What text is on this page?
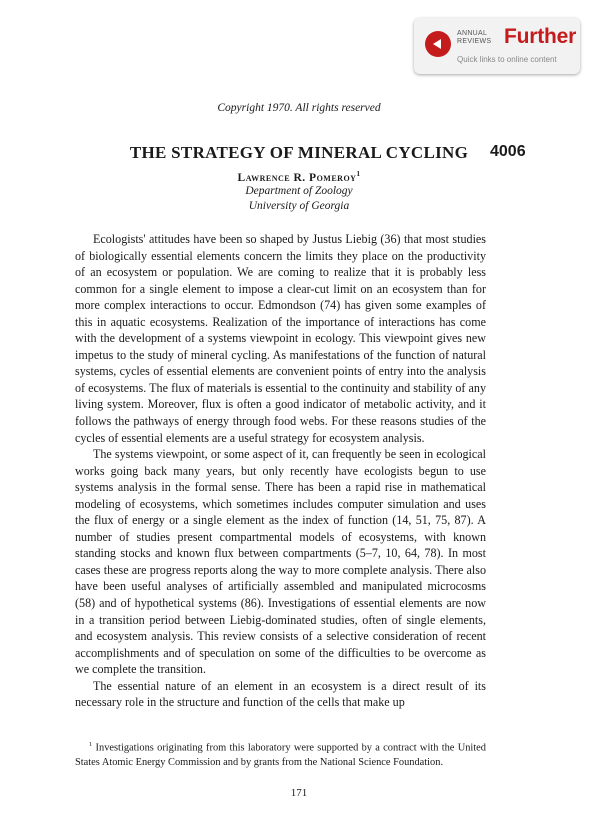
ANNUAL
REVIEWS Further
Quick links to online content
Copyright 1970. All rights reserved
THE STRATEGY OF MINERAL CYCLING	4006
Lawrence R. Pomeroy$^1$
Department of Zoology
University of Georgia

Ecologists' attitudes have been so shaped by Justus Liebig (36) that most studies of biologically essential elements concern the limits they place on the productivity of an ecosystem or population. We are coming to realize that it is probably less common for a single element to impose a clear-cut limit on an ecosystem than for more complex interactions to occur. Edmondson (74) has given some examples of this in aquatic ecosystems. Realization of the importance of interactions has come with the development of a systems viewpoint in ecology. This viewpoint gives new impetus to the study of mineral cycling. As manifestations of the function of natural systems, cycles of essential elements are convenient points of entry into the analysis of ecosystems. The flux of materials is essential to the continuity and stability of any living system. Moreover, flux is often a good indicator of metabolic activity, and it follows the pathways of energy through food webs. For these reasons studies of the cycles of essential elements are a useful strategy for ecosystem analysis.

The systems viewpoint, or some aspect of it, can frequently be seen in ecological works going back many years, but only recently have ecologists begun to use systems analysis in the formal sense. There has been a rapid rise in mathematical modeling of ecosystems, which sometimes includes computer simulation and uses the flux of energy or a single element as the index of function (14, 51, 75, 87). A number of studies present compartmental models of ecosystems, with known standing stocks and known flux between compartments (5–7, 10, 64, 78). In most cases these are progress reports along the way to more complete analysis. There also have been useful analyses of artificially assembled and manipulated microcosms (58) and of hypothetical systems (86). Investigations of essential elements are now in a transition period between Liebig-dominated studies, often of single elements, and ecosystem analysis. This review consists of a selective consideration of recent accomplishments and of speculation on some of the difficulties to be overcome as we complete the transition.

The essential nature of an element in an ecosystem is a direct result of its necessary role in the structure and function of the cells that make up

$^1$ Investigations originating from this laboratory were supported by a contract with the United States Atomic Energy Commission and by grants from the National Science Foundation.

171
